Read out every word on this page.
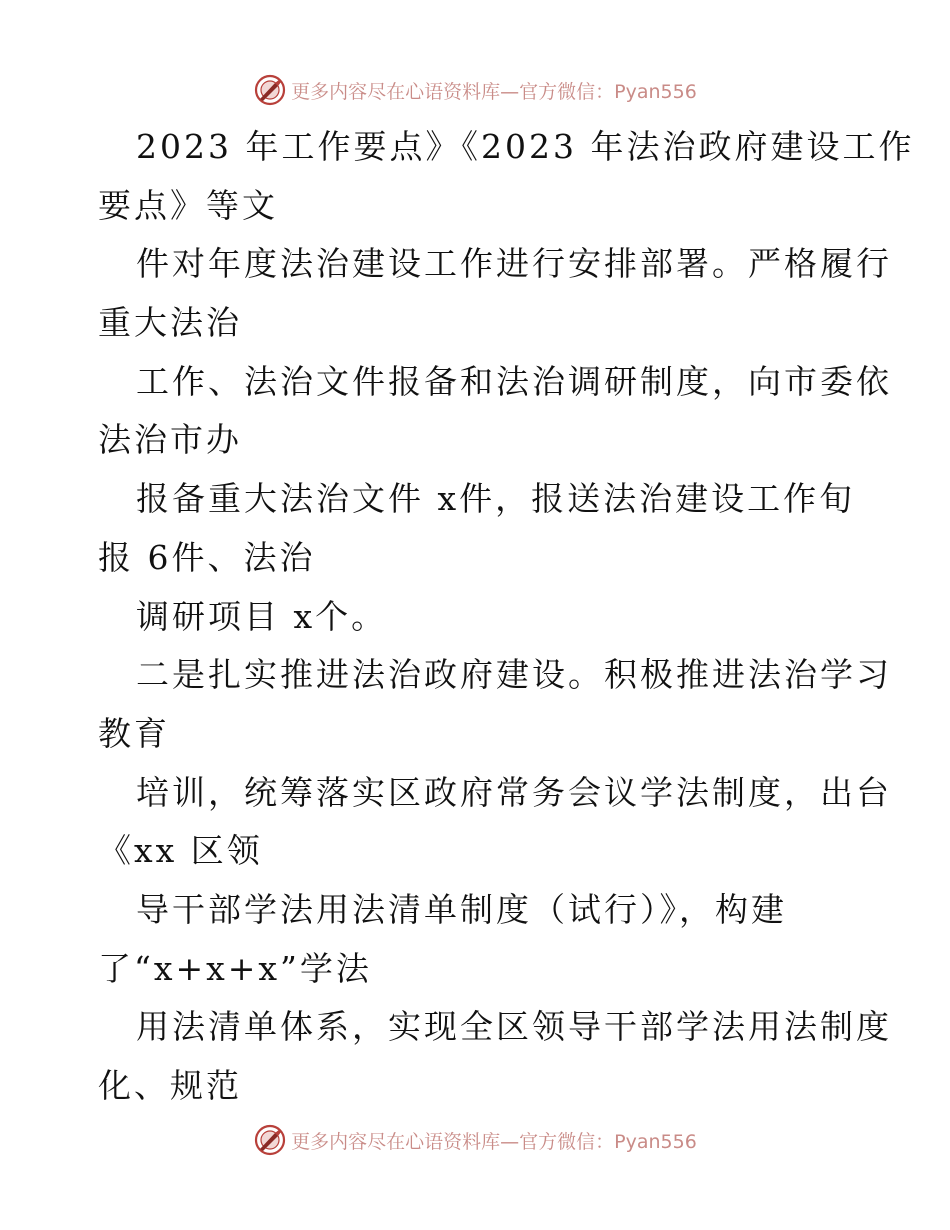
更多内容尽在心语资料库—官方微信：Pyan556
2023 年工作要点》《2023 年法治政府建设工作
要点》等文
件对年度法治建设工作进行安排部署。严格履行
重大法治
工作、法治文件报备和法治调研制度，向市委依
法治市办
报备重大法治文件 x件，报送法治建设工作旬
报 6件、法治
调研项目 x个。
二是扎实推进法治政府建设。积极推进法治学习
教育
培训，统筹落实区政府常务会议学法制度，出台
《xx 区领
导干部学法用法清单制度（试行）》，构建
了“x+x+x”学法
用法清单体系，实现全区领导干部学法用法制度
化、规范
更多内容尽在心语资料库—官方微信：Pyan556
